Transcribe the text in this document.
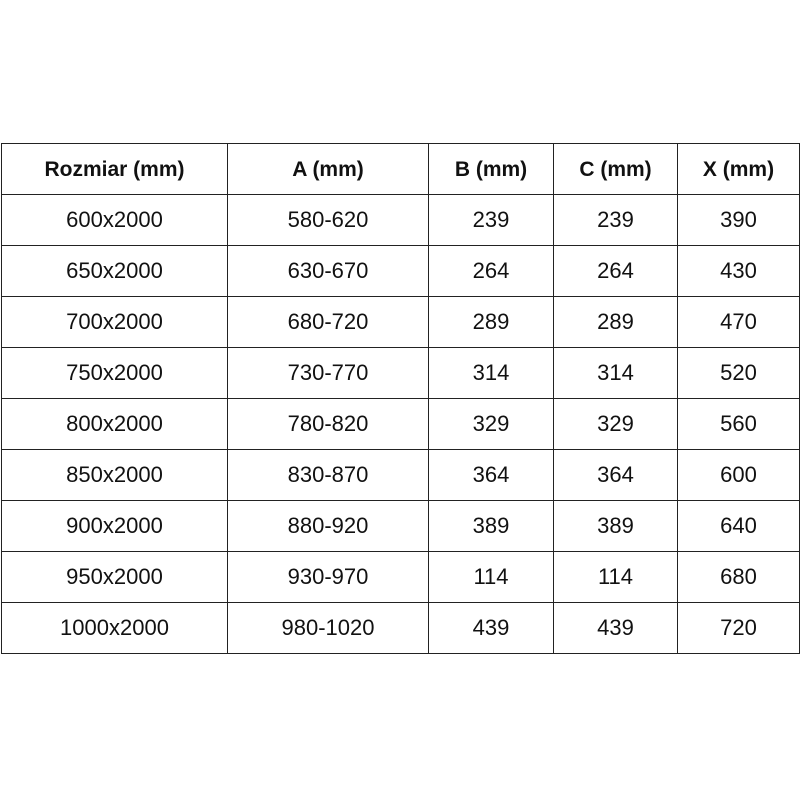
Rozmiar (mm)	A (mm)	B (mm)	C (mm)	X (mm)
600x2000	580-620	239	239	390
650x2000	630-670	264	264	430
700x2000	680-720	289	289	470
750x2000	730-770	314	314	520
800x2000	780-820	329	329	560
850x2000	830-870	364	364	600
900x2000	880-920	389	389	640
950x2000	930-970	114	114	680
1000x2000	980-1020	439	439	720
